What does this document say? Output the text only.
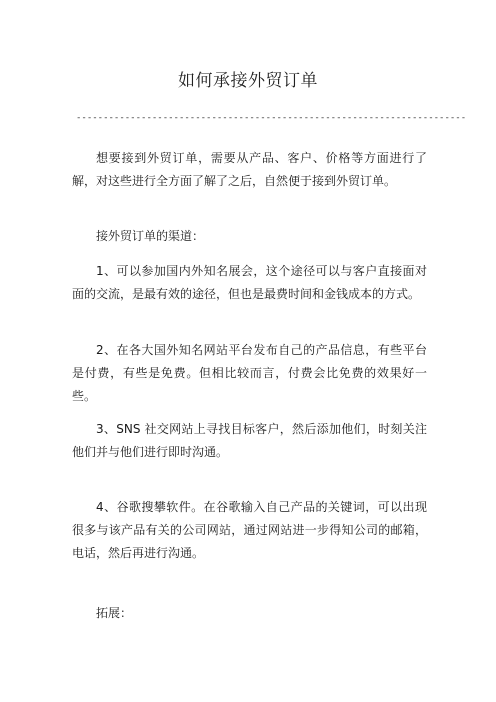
如何承接外贸订单
------------------------------------------------------------------------

想要接到外贸订单，需要从产品、客户、价格等方面进行了解，对这些进行全方面了解了之后，自然便于接到外贸订单。

接外贸订单的渠道：

1、可以参加国内外知名展会，这个途径可以与客户直接面对面的交流，是最有效的途径，但也是最费时间和金钱成本的方式。

2、在各大国外知名网站平台发布自己的产品信息，有些平台是付费，有些是免费。但相比较而言，付费会比免费的效果好一些。

3、SNS 社交网站上寻找目标客户，然后添加他们，时刻关注他们并与他们进行即时沟通。

4、谷歌搜攀软件。在谷歌输入自己产品的关键词，可以出现很多与该产品有关的公司网站，通过网站进一步得知公司的邮箱，电话，然后再进行沟通。

拓展：
